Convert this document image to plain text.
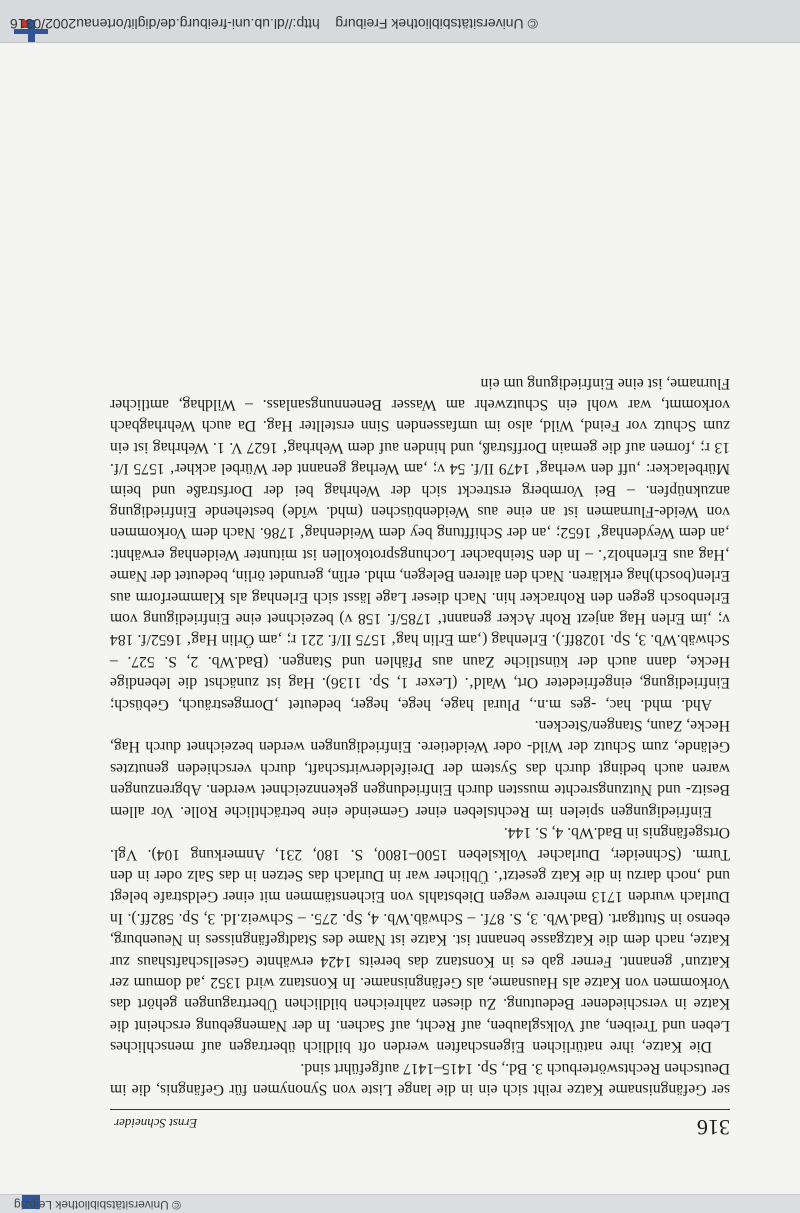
© Universitätsbibliothek Freiburg    http://dl.ub.uni-freiburg.de/diglit/ortenau2002/0316
316
Ernst Schneider

ser Gefängnisname Katze reiht sich ein in die lange Liste von Synonymen für Gefängnis, die im Deutschen Rechtswörterbuch 3. Bd., Sp. 1415–1417 aufgeführt sind.

Die Katze, ihre natürlichen Eigenschaften werden oft bildlich übertragen auf menschliches Leben und Treiben, auf Volksglauben, auf Recht, auf Sachen. In der Namengebung erscheint die Katze in verschiedener Bedeutung. Zu diesen zahlreichen bildlichen Übertragungen gehört das Vorkommen von Katze als Hausname, als Gefängnisname. In Konstanz wird 1352 ‚ad domum zer Katzun‘ genannt. Ferner gab es in Konstanz das bereits 1424 erwähnte Gesellschaftshaus zur Katze, nach dem die Katzgasse benannt ist. Katze ist Name des Stadtgefängnisses in Neuenburg, ebenso in Stuttgart. (Bad.Wb. 3, S. 87f. – Schwäb.Wb. 4, Sp. 275. – Schweiz.Id. 3, Sp. 582ff.). In Durlach wurden 1713 mehrere wegen Diebstahls von Eichenstämmen mit einer Geldstrafe belegt und ‚noch darzu in die Katz gesetzt‘. Üblicher war in Durlach das Setzen in das Salz oder in den Turm. (Schneider, Durlacher Volksleben 1500–1800, S. 180, 231, Anmerkung 104). Vgl. Ortsgefängnis in Bad.Wb. 4, S. 144.

Einfriedigungen spielen im Rechtsleben einer Gemeinde eine beträchtliche Rolle. Vor allem Besitz- und Nutzungsrechte mussten durch Einfriedungen gekennzeichnet werden. Abgrenzungen waren auch bedingt durch das System der Dreifelderwirtschaft, durch verschieden genutztes Gelände, zum Schutz der Wild- oder Weidetiere. Einfriedigungen werden bezeichnet durch Hag, Hecke, Zaun, Stangen/Stecken.

Ahd. mhd. hac, -ges m.n., Plural hage, hege, heger, bedeutet ‚Dorngesträuch, Gebüsch; Einfriedigung, eingefriedeter Ort, Wald‘. (Lexer 1, Sp. 1136). Hag ist zunächst die lebendige Hecke, dann auch der künstliche Zaun aus Pfählen und Stangen. (Bad.Wb. 2, S. 527. – Schwäb.Wb. 3, Sp. 1028ff.). Erlenhag (‚am Erlin hag‘ 1575 II/f. 221 r; ‚am Örlin Hag‘ 1652/f. 184 v; ‚im Erlen Hag anjezt Rohr Acker genannt‘ 1785/f. 158 v) bezeichnet eine Einfriedigung vom Erlenbosch gegen den Rohracker hin. Nach dieser Lage lässt sich Erlenhag als Klammerform aus Erlen(bosch)hag erklären. Nach den älteren Belegen, mhd. erlîn, gerundet örlin, bedeutet der Name ‚Hag aus Erlenholz‘. – In den Steinbacher Lochungsprotokollen ist mitunter Weidenhag erwähnt: ‚an dem Weydenhag‘ 1652; ‚an der Schifftung bey dem Weidenhag‘ 1786. Nach dem Vorkommen von Weide-Flurnamen ist an eine aus Weidenbüschen (mhd. wîde) bestehende Einfriedigung anzuknüpfen. – Bei Vormberg erstreckt sich der Wehrhag bei der Dorfstraße und beim Mürbelacker: ‚uff den werhag‘ 1479 II/f. 54 v; ‚am Werhag genannt der Würbel ackher‘ 1575 I/f. 13 r; ‚fornen auf die gemain Dorffstraß, und hinden auf dem Wehrhag‘ 1627 V. 1. Wehrhag ist ein zum Schutz vor Feind, Wild, also im umfassenden Sinn erstellter Hag. Da auch Wehrhagbach vorkommt, war wohl ein Schutzwehr am Wasser Benennungsanlass. – Wildhag, amtlicher Flurname, ist eine Einfriedigung um ein

© Universitätsbibliothek Leipzig
